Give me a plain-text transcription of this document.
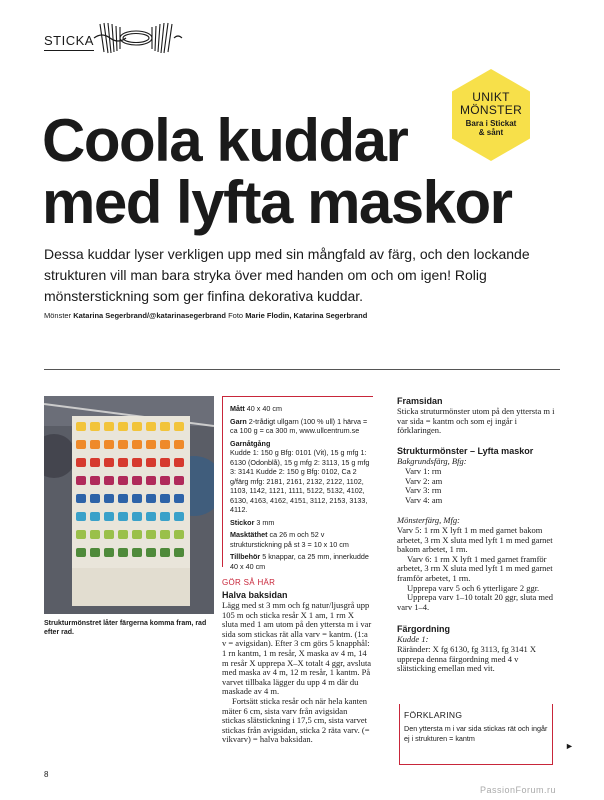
STICKA
UNIKT
MÖNSTER
Bara i Stickat
& sånt
Coola kuddar
med lyfta maskor
Dessa kuddar lyser verkligen upp med sin mångfald av färg, och den lockande strukturen vill man bara stryka över med handen om och om igen! Rolig mönsterstickning som ger finfina dekorativa kuddar.
Mönster Katarina Segerbrand/@katarinasegerbrand Foto Marie Flodin, Katarina Segerbrand
Strukturmönstret låter färgerna komma fram, rad efter rad.

Mått 40 x 40 cm

Garn 2-trådigt ullgarn (100 % ull) 1 härva = ca 100 g = ca 300 m, www.ullcentrum.se

Garnåtgång
Kudde 1: 150 g Bfg: 0101 (Vit), 15 g mfg 1: 6130 (Odonblå), 15 g mfg 2: 3113, 15 g mfg 3: 3141 Kudde 2: 150 g Bfg: 0102, Ca 2 g/färg mfg: 2181, 2161, 2132, 2122, 1102, 1103, 1142, 1121, 1111, 5122, 5132, 4102, 6130, 4163, 4162, 4151, 3112, 2153, 3133, 4112.

Stickor 3 mm

Masktäthet ca 26 m och 52 v strukturstickning på st 3 = 10 x 10 cm

Tillbehör 5 knappar, ca 25 mm, innerkudde 40 x 40 cm

GÖR SÅ HÄR
Halva baksidan
Lägg med st 3 mm och fg natur/ljusgrå upp 105 m och sticka resår X 1 am, 1 rm X sluta med 1 am utom på den yttersta m i var sida som stickas rät alla varv = kantm. (1:a v = avigsidan). Efter 3 cm görs 5 knapphål: 1 rn kantm, 1 m resår, X maska av 4 m, 14 m resår X upprepa X–X totalt 4 ggr, avsluta med maska av 4 m, 12 m resår, 1 kantm. På varvet tillbaka lägger du upp 4 m där du maskade av 4 m.
Fortsätt sticka resår och när hela kanten mäter 6 cm, sista varv från avigsidan stickas slätstickning i 17,5 cm, sista varvet stickas från avigsidan, sticka 2 räta varv. (= vikvarv) = halva baksidan.
Framsidan
Sticka struturmönster utom på den yttersta m i var sida = kantm och som ej ingår i förklaringen.
Strukturmönster – Lyfta maskor
Bakgrundsfärg, Bfg:
Varv 1: rm
Varv 2: am
Varv 3: rm
Varv 4: am
Mönsterfärg, Mfg:
Varv 5: 1 rm X lyft 1 m med garnet bakom arbetet, 3 rm X sluta med lyft 1 m med garnet bakom arbetet, 1 rm.
Varv 6: 1 rm X lyft 1 med garnet framför arbetet, 3 rm X sluta med lyft 1 m med garnet framför arbetet, 1 rm.
Upprepa varv 5 och 6 ytterligare 2 ggr.
Upprepa varv 1–10 totalt 20 ggr, sluta med varv 1–4.
Färgordning
Kudde 1:
Räränder: X fg 6130, fg 3113, fg 3141 X upprepa denna färgordning med 4 v slätsticking emellan med vit.
FÖRKLARING
Den yttersta m i var sida stickas rät och ingår ej i strukturen = kantm
►
8
PassionForum.ru
